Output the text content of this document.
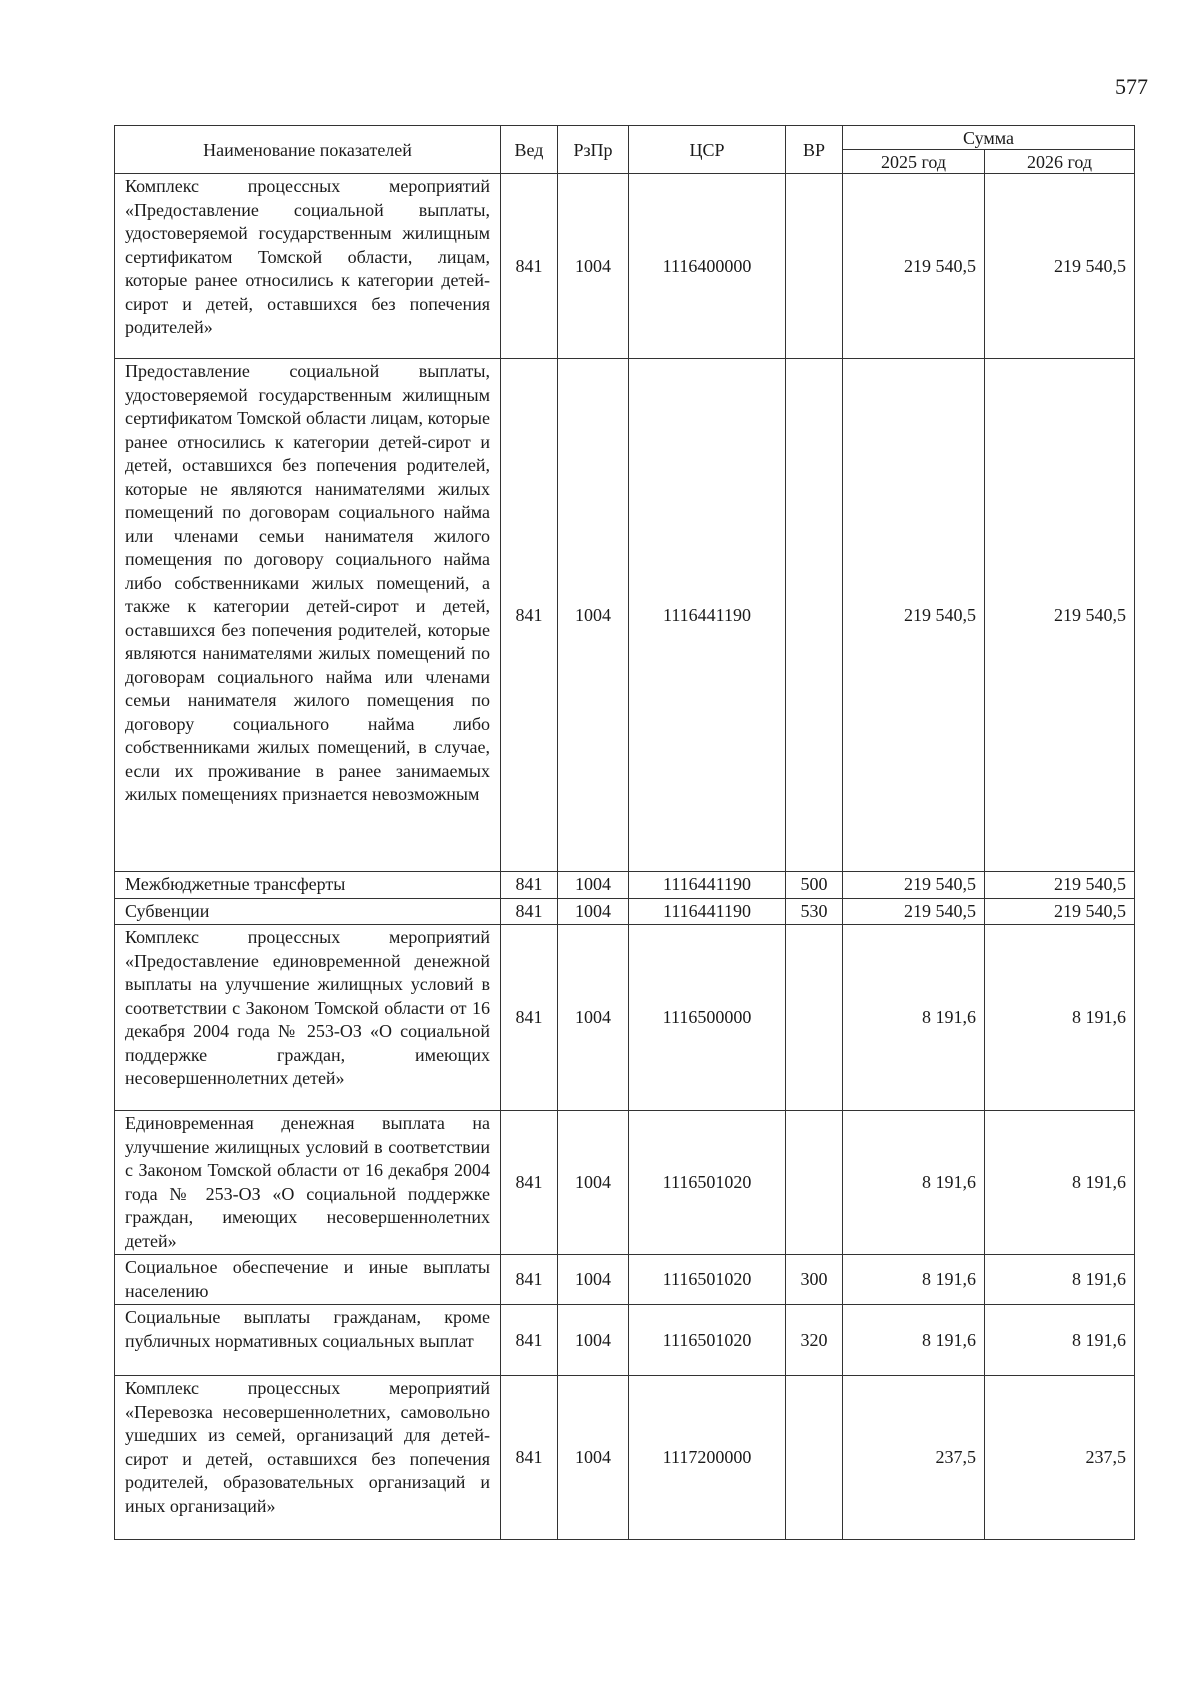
577
Наименование показателей	Вед	РзПр	ЦСР	ВР	Сумма	
					2025 год	2026 год
Комплекс процессных мероприятий «Предоставление социальной выплаты, удостоверяемой государственным жилищным сертификатом Томской области, лицам, которые ранее относились к категории детей-сирот и детей, оставшихся без попечения родителей»	841	1004	1116400000		219 540,5	219 540,5
Предоставление социальной выплаты, удостоверяемой государственным жилищным сертификатом Томской области лицам, которые ранее относились к категории детей-сирот и детей, оставшихся без попечения родителей, которые не являются нанимателями жилых помещений по договорам социального найма или членами семьи нанимателя жилого помещения по договору социального найма либо собственниками жилых помещений, а также к категории детей-сирот и детей, оставшихся без попечения родителей, которые являются нанимателями жилых помещений по договорам социального найма или членами семьи нанимателя жилого помещения по договору социального найма либо собственниками жилых помещений, в случае, если их проживание в ранее занимаемых жилых помещениях признается невозможным	841	1004	1116441190		219 540,5	219 540,5
Межбюджетные трансферты	841	1004	1116441190	500	219 540,5	219 540,5
Субвенции	841	1004	1116441190	530	219 540,5	219 540,5
Комплекс процессных мероприятий «Предоставление единовременной денежной выплаты на улучшение жилищных условий в соответствии с Законом Томской области от 16 декабря 2004 года № 253-ОЗ «О социальной поддержке граждан, имеющих несовершеннолетних детей»	841	1004	1116500000		8 191,6	8 191,6
Единовременная денежная выплата на улучшение жилищных условий в соответствии с Законом Томской области от 16 декабря 2004 года № 253-ОЗ «О социальной поддержке граждан, имеющих несовершеннолетних детей»	841	1004	1116501020		8 191,6	8 191,6
Социальное обеспечение и иные выплаты населению	841	1004	1116501020	300	8 191,6	8 191,6
Социальные выплаты гражданам, кроме публичных нормативных социальных выплат	841	1004	1116501020	320	8 191,6	8 191,6
Комплекс процессных мероприятий «Перевозка несовершеннолетних, самовольно ушедших из семей, организаций для детей-сирот и детей, оставшихся без попечения родителей, образовательных организаций и иных организаций»	841	1004	1117200000		237,5	237,5
